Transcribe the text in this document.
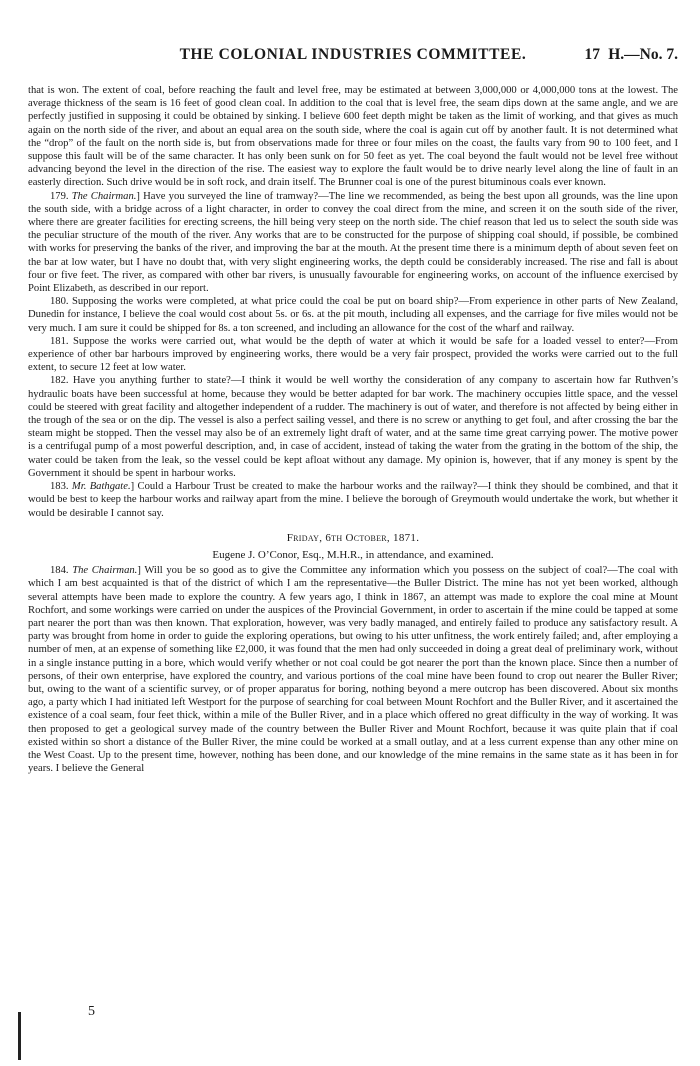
THE COLONIAL INDUSTRIES COMMITTEE.	17 H.—No. 7.

that is won. The extent of coal, before reaching the fault and level free, may be estimated at between 3,000,000 or 4,000,000 tons at the lowest. The average thickness of the seam is 16 feet of good clean coal. In addition to the coal that is level free, the seam dips down at the same angle, and we are perfectly justified in supposing it could be obtained by sinking. I believe 600 feet depth might be taken as the limit of working, and that gives as much again on the north side of the river, and about an equal area on the south side, where the coal is again cut off by another fault. It is not determined what the “drop” of the fault on the north side is, but from observations made for three or four miles on the coast, the faults vary from 90 to 100 feet, and I suppose this fault will be of the same character. It has only been sunk on for 50 feet as yet. The coal beyond the fault would not be level free without advancing beyond the level in the direction of the rise. The easiest way to explore the fault would be to drive nearly level along the line of fault in an easterly direction. Such drive would be in soft rock, and drain itself. The Brunner coal is one of the purest bituminous coals ever known.

179. The Chairman.] Have you surveyed the line of tramway?—The line we recommended, as being the best upon all grounds, was the line upon the south side, with a bridge across of a light character, in order to convey the coal direct from the mine, and screen it on the south side of the river, where there are greater facilities for erecting screens, the hill being very steep on the north side. The chief reason that led us to select the south side was the peculiar structure of the mouth of the river. Any works that are to be constructed for the purpose of shipping coal should, if possible, be combined with works for preserving the banks of the river, and improving the bar at the mouth. At the present time there is a minimum depth of about seven feet on the bar at low water, but I have no doubt that, with very slight engineering works, the depth could be considerably increased. The rise and fall is about four or five feet. The river, as compared with other bar rivers, is unusually favourable for engineering works, on account of the influence exercised by Point Elizabeth, as described in our report.

180. Supposing the works were completed, at what price could the coal be put on board ship?—From experience in other parts of New Zealand, Dunedin for instance, I believe the coal would cost about 5s. or 6s. at the pit mouth, including all expenses, and the carriage for five miles would not be very much. I am sure it could be shipped for 8s. a ton screened, and including an allowance for the cost of the wharf and railway.

181. Suppose the works were carried out, what would be the depth of water at which it would be safe for a loaded vessel to enter?—From experience of other bar harbours improved by engineering works, there would be a very fair prospect, provided the works were carried out to the full extent, to secure 12 feet at low water.

182. Have you anything further to state?—I think it would be well worthy the consideration of any company to ascertain how far Ruthven’s hydraulic boats have been successful at home, because they would be better adapted for bar work. The machinery occupies little space, and the vessel could be steered with great facility and altogether independent of a rudder. The machinery is out of water, and therefore is not affected by being either in the trough of the sea or on the dip. The vessel is also a perfect sailing vessel, and there is no screw or anything to get foul, and after crossing the bar the steam might be stopped. Then the vessel may also be of an extremely light draft of water, and at the same time great carrying power. The motive power is a centrifugal pump of a most powerful description, and, in case of accident, instead of taking the water from the grating in the bottom of the ship, the water could be taken from the leak, so the vessel could be kept afloat without any damage. My opinion is, however, that if any money is spent by the Government it should be spent in harbour works.

183. Mr. Bathgate.] Could a Harbour Trust be created to make the harbour works and the railway?—I think they should be combined, and that it would be best to keep the harbour works and railway apart from the mine. I believe the borough of Greymouth would undertake the work, but whether it would be desirable I cannot say.

Friday, 6th October, 1871.
Eugene J. O’Conor, Esq., M.H.R., in attendance, and examined.

184. The Chairman.] Will you be so good as to give the Committee any information which you possess on the subject of coal?—The coal with which I am best acquainted is that of the district of which I am the representative—the Buller District. The mine has not yet been worked, although several attempts have been made to explore the country. A few years ago, I think in 1867, an attempt was made to explore the coal mine at Mount Rochfort, and some workings were carried on under the auspices of the Provincial Government, in order to ascertain if the mine could be tapped at some part nearer the port than was then known. That exploration, however, was very badly managed, and entirely failed to produce any satisfactory result. A party was brought from home in order to guide the exploring operations, but owing to his utter unfitness, the work entirely failed; and, after employing a number of men, at an expense of something like £2,000, it was found that the men had only succeeded in doing a great deal of preliminary work, without in a single instance putting in a bore, which would verify whether or not coal could be got nearer the port than the known place. Since then a number of persons, of their own enterprise, have explored the country, and various portions of the coal mine have been found to crop out nearer the Buller River; but, owing to the want of a scientific survey, or of proper apparatus for boring, nothing beyond a mere outcrop has been discovered. About six months ago, a party which I had initiated left Westport for the purpose of searching for coal between Mount Rochfort and the Buller River, and it ascertained the existence of a coal seam, four feet thick, within a mile of the Buller River, and in a place which offered no great difficulty in the way of working. It was then proposed to get a geological survey made of the country between the Buller River and Mount Rochfort, because it was quite plain that if coal existed within so short a distance of the Buller River, the mine could be worked at a small outlay, and at a less current expense than any other mine on the West Coast. Up to the present time, however, nothing has been done, and our knowledge of the mine remains in the same state as it has been in for years. I believe the General

5
